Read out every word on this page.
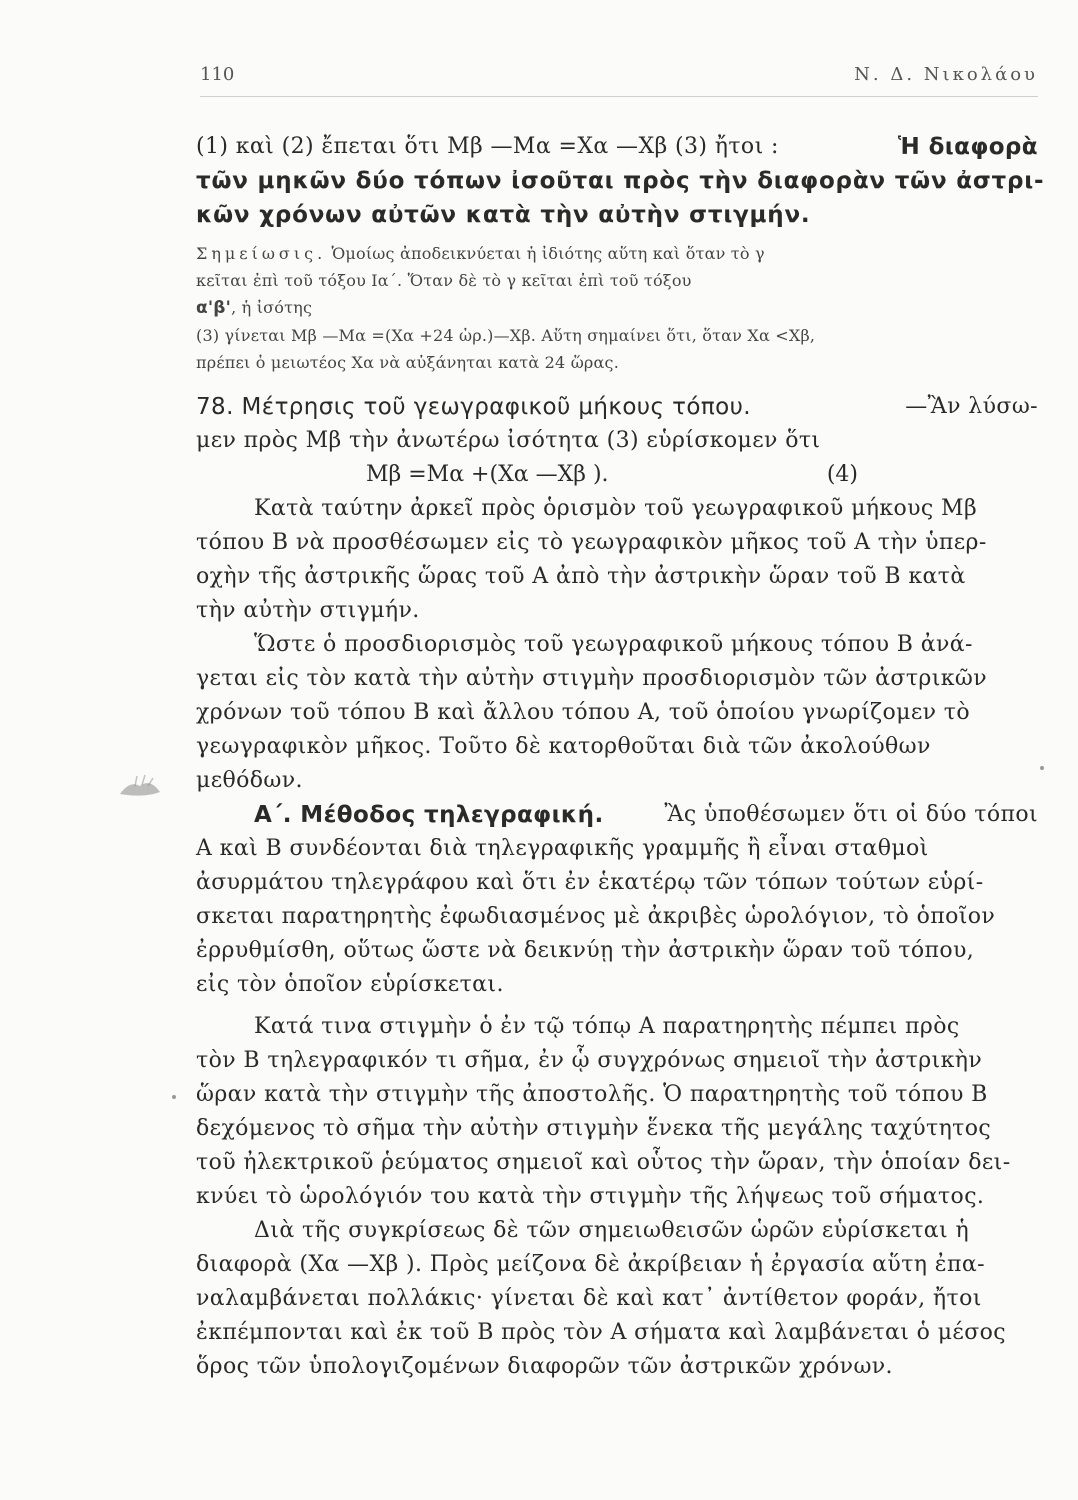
110	Ν. Δ. Νικολάου
(1) καὶ (2) ἔπεται ὅτι Μβ —Μα =Χα —Χβ (3) ἤτοι :	Ἡ διαφορὰ
τῶν μηκῶν δύο τόπων ἰσοῦται πρὸς τὴν διαφορὰν τῶν ἀστρι-
κῶν χρόνων αὐτῶν κατὰ τὴν αὐτὴν στιγμήν.
Σημείωσις. Ὁμοίως ἀποδεικνύεται ἡ ἰδιότης αὕτη καὶ ὅταν τὸ γ
κεῖται ἐπὶ τοῦ τόξου Ια΄. Ὅταν δὲ τὸ γ κεῖται ἐπὶ τοῦ τόξου
α'β', ἡ ἰσότης
(3) γίνεται Μβ —Μα =(Χα +24 ὡρ.)—Χβ. Αὕτη σημαίνει ὅτι, ὅταν Χα <Χβ,
πρέπει ὁ μειωτέος Χα νὰ αὐξάνηται κατὰ 24 ὥρας.
78. Μέτρησις τοῦ γεωγραφικοῦ μήκους τόπου.	—Ἂν λύσω-
μεν πρὸς Μβ τὴν ἀνωτέρω ἰσότητα (3) εὑρίσκομεν ὅτι
Μβ =Μα +(Χα —Χβ ).	(4)
Κατὰ ταύτην ἀρκεῖ πρὸς ὁρισμὸν τοῦ γεωγραφικοῦ μήκους Μβ
τόπου Β νὰ προσθέσωμεν εἰς τὸ γεωγραφικὸν μῆκος τοῦ Α τὴν ὑπερ-
οχὴν τῆς ἀστρικῆς ὥρας τοῦ Α ἀπὸ τὴν ἀστρικὴν ὥραν τοῦ Β κατὰ
τὴν αὐτὴν στιγμήν.
Ὥστε ὁ προσδιορισμὸς τοῦ γεωγραφικοῦ μήκους τόπου Β ἀνά-
γεται εἰς τὸν κατὰ τὴν αὐτὴν στιγμὴν προσδιορισμὸν τῶν ἀστρικῶν
χρόνων τοῦ τόπου Β καὶ ἄλλου τόπου Α, τοῦ ὁποίου γνωρίζομεν τὸ
γεωγραφικὸν μῆκος. Τοῦτο δὲ κατορθοῦται διὰ τῶν ἀκολούθων
μεθόδων.
Α΄. Μέθοδος τηλεγραφική.	Ἂς ὑποθέσωμεν ὅτι οἱ δύο τόποι
Α καὶ Β συνδέονται διὰ τηλεγραφικῆς γραμμῆς ἢ εἶναι σταθμοὶ
ἀσυρμάτου τηλεγράφου καὶ ὅτι ἐν ἑκατέρῳ τῶν τόπων τούτων εὑρί-
σκεται παρατηρητὴς ἐφωδιασμένος μὲ ἀκριβὲς ὡρολόγιον, τὸ ὁποῖον
ἐρρυθμίσθη, οὕτως ὥστε νὰ δεικνύῃ τὴν ἀστρικὴν ὥραν τοῦ τόπου,
εἰς τὸν ὁποῖον εὑρίσκεται.
Κατά τινα στιγμὴν ὁ ἐν τῷ τόπῳ Α παρατηρητὴς πέμπει πρὸς
τὸν Β τηλεγραφικόν τι σῆμα, ἐν ᾧ συγχρόνως σημειοῖ τὴν ἀστρικὴν
ὥραν κατὰ τὴν στιγμὴν τῆς ἀποστολῆς. Ὁ παρατηρητὴς τοῦ τόπου Β
δεχόμενος τὸ σῆμα τὴν αὐτὴν στιγμὴν ἕνεκα τῆς μεγάλης ταχύτητος
τοῦ ἠλεκτρικοῦ ῥεύματος σημειοῖ καὶ οὗτος τὴν ὥραν, τὴν ὁποίαν δει-
κνύει τὸ ὡρολόγιόν του κατὰ τὴν στιγμὴν τῆς λήψεως τοῦ σήματος.
Διὰ τῆς συγκρίσεως δὲ τῶν σημειωθεισῶν ὡρῶν εὑρίσκεται ἡ
διαφορὰ (Χα —Χβ ). Πρὸς μείζονα δὲ ἀκρίβειαν ἡ ἐργασία αὕτη ἐπα-
ναλαμβάνεται πολλάκις· γίνεται δὲ καὶ κατ᾽ ἀντίθετον φοράν, ἤτοι
ἐκπέμπονται καὶ ἐκ τοῦ Β πρὸς τὸν Α σήματα καὶ λαμβάνεται ὁ μέσος
ὅρος τῶν ὑπολογιζομένων διαφορῶν τῶν ἀστρικῶν χρόνων.
